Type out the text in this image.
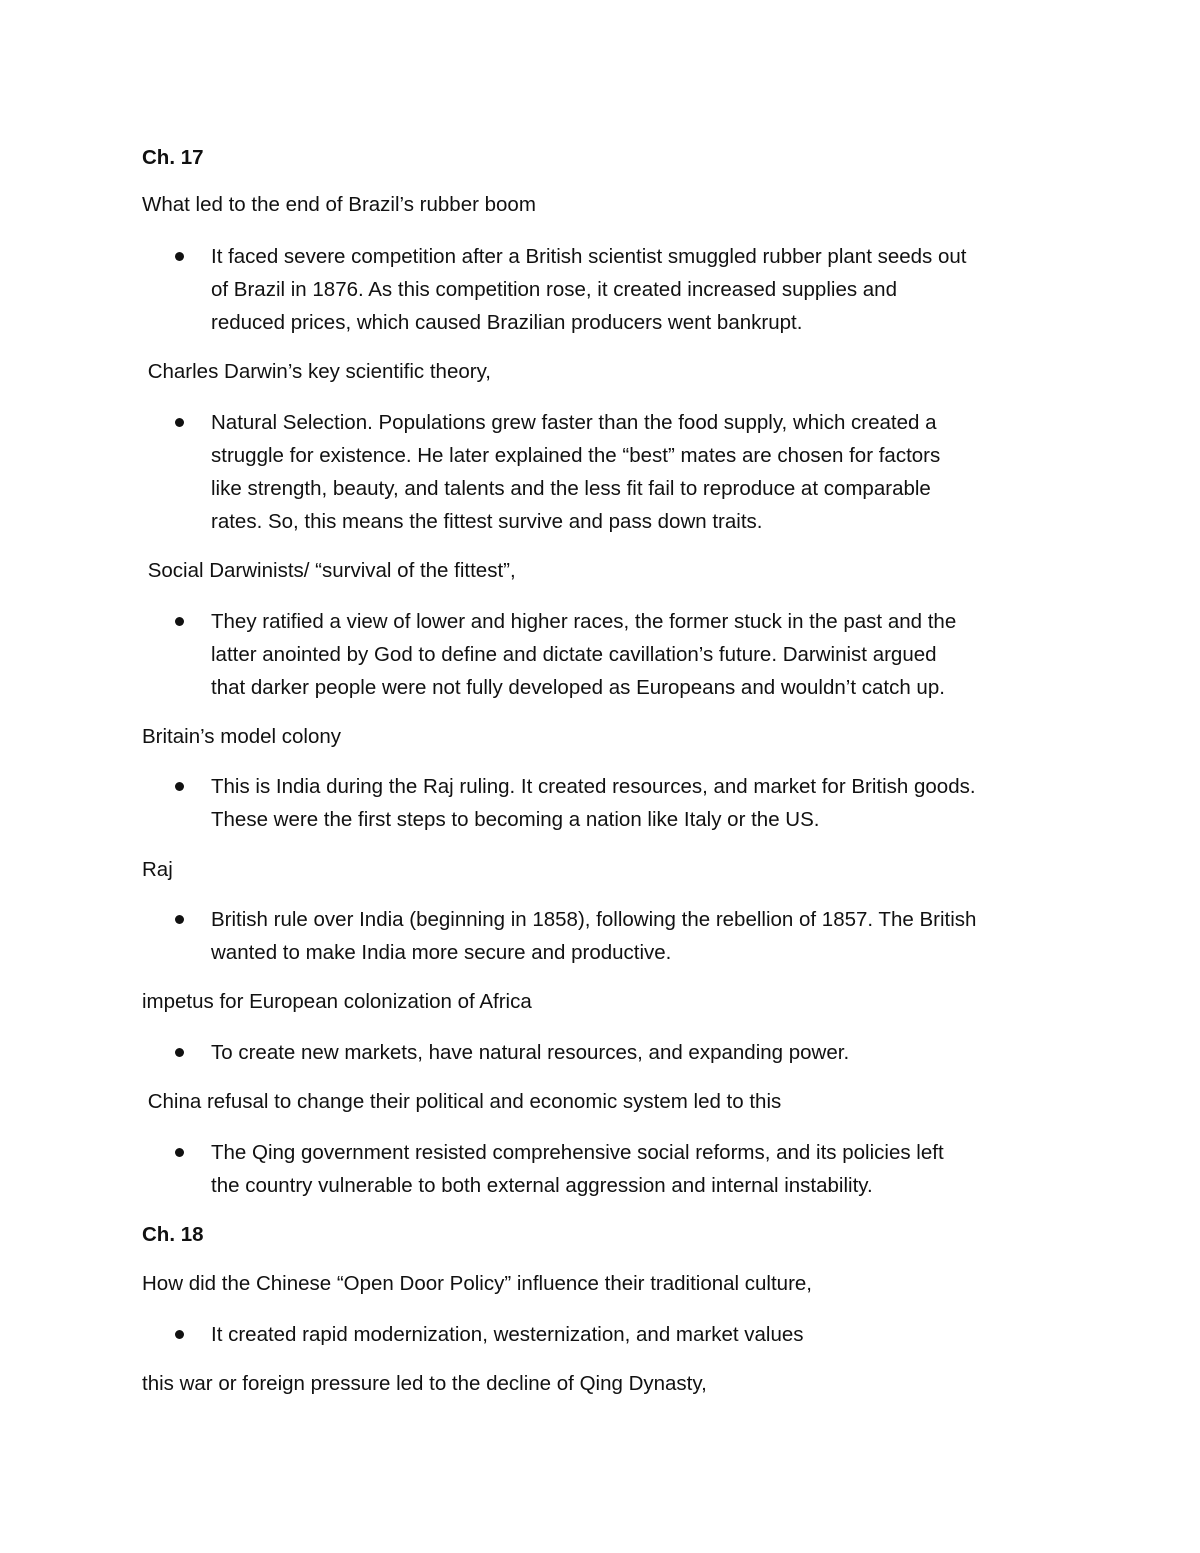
Ch. 17

What led to the end of Brazil’s rubber boom

It faced severe competition after a British scientist smuggled rubber plant seeds out

of Brazil in 1876. As this competition rose, it created increased supplies and

reduced prices, which caused Brazilian producers went bankrupt.

Charles Darwin’s key scientific theory,

Natural Selection. Populations grew faster than the food supply, which created a

struggle for existence. He later explained the “best” mates are chosen for factors

like strength, beauty, and talents and the less fit fail to reproduce at comparable

rates. So, this means the fittest survive and pass down traits.

Social Darwinists/ “survival of the fittest”,

They ratified a view of lower and higher races, the former stuck in the past and the

latter anointed by God to define and dictate cavillation’s future. Darwinist argued

that darker people were not fully developed as Europeans and wouldn’t catch up.

Britain’s model colony

This is India during the Raj ruling. It created resources, and market for British goods.

These were the first steps to becoming a nation like Italy or the US.

Raj

British rule over India (beginning in 1858), following the rebellion of 1857. The British

wanted to make India more secure and productive.

impetus for European colonization of Africa

To create new markets, have natural resources, and expanding power.

China refusal to change their political and economic system led to this

The Qing government resisted comprehensive social reforms, and its policies left

the country vulnerable to both external aggression and internal instability.

Ch. 18

How did the Chinese “Open Door Policy” influence their traditional culture,

It created rapid modernization, westernization, and market values

this war or foreign pressure led to the decline of Qing Dynasty,
